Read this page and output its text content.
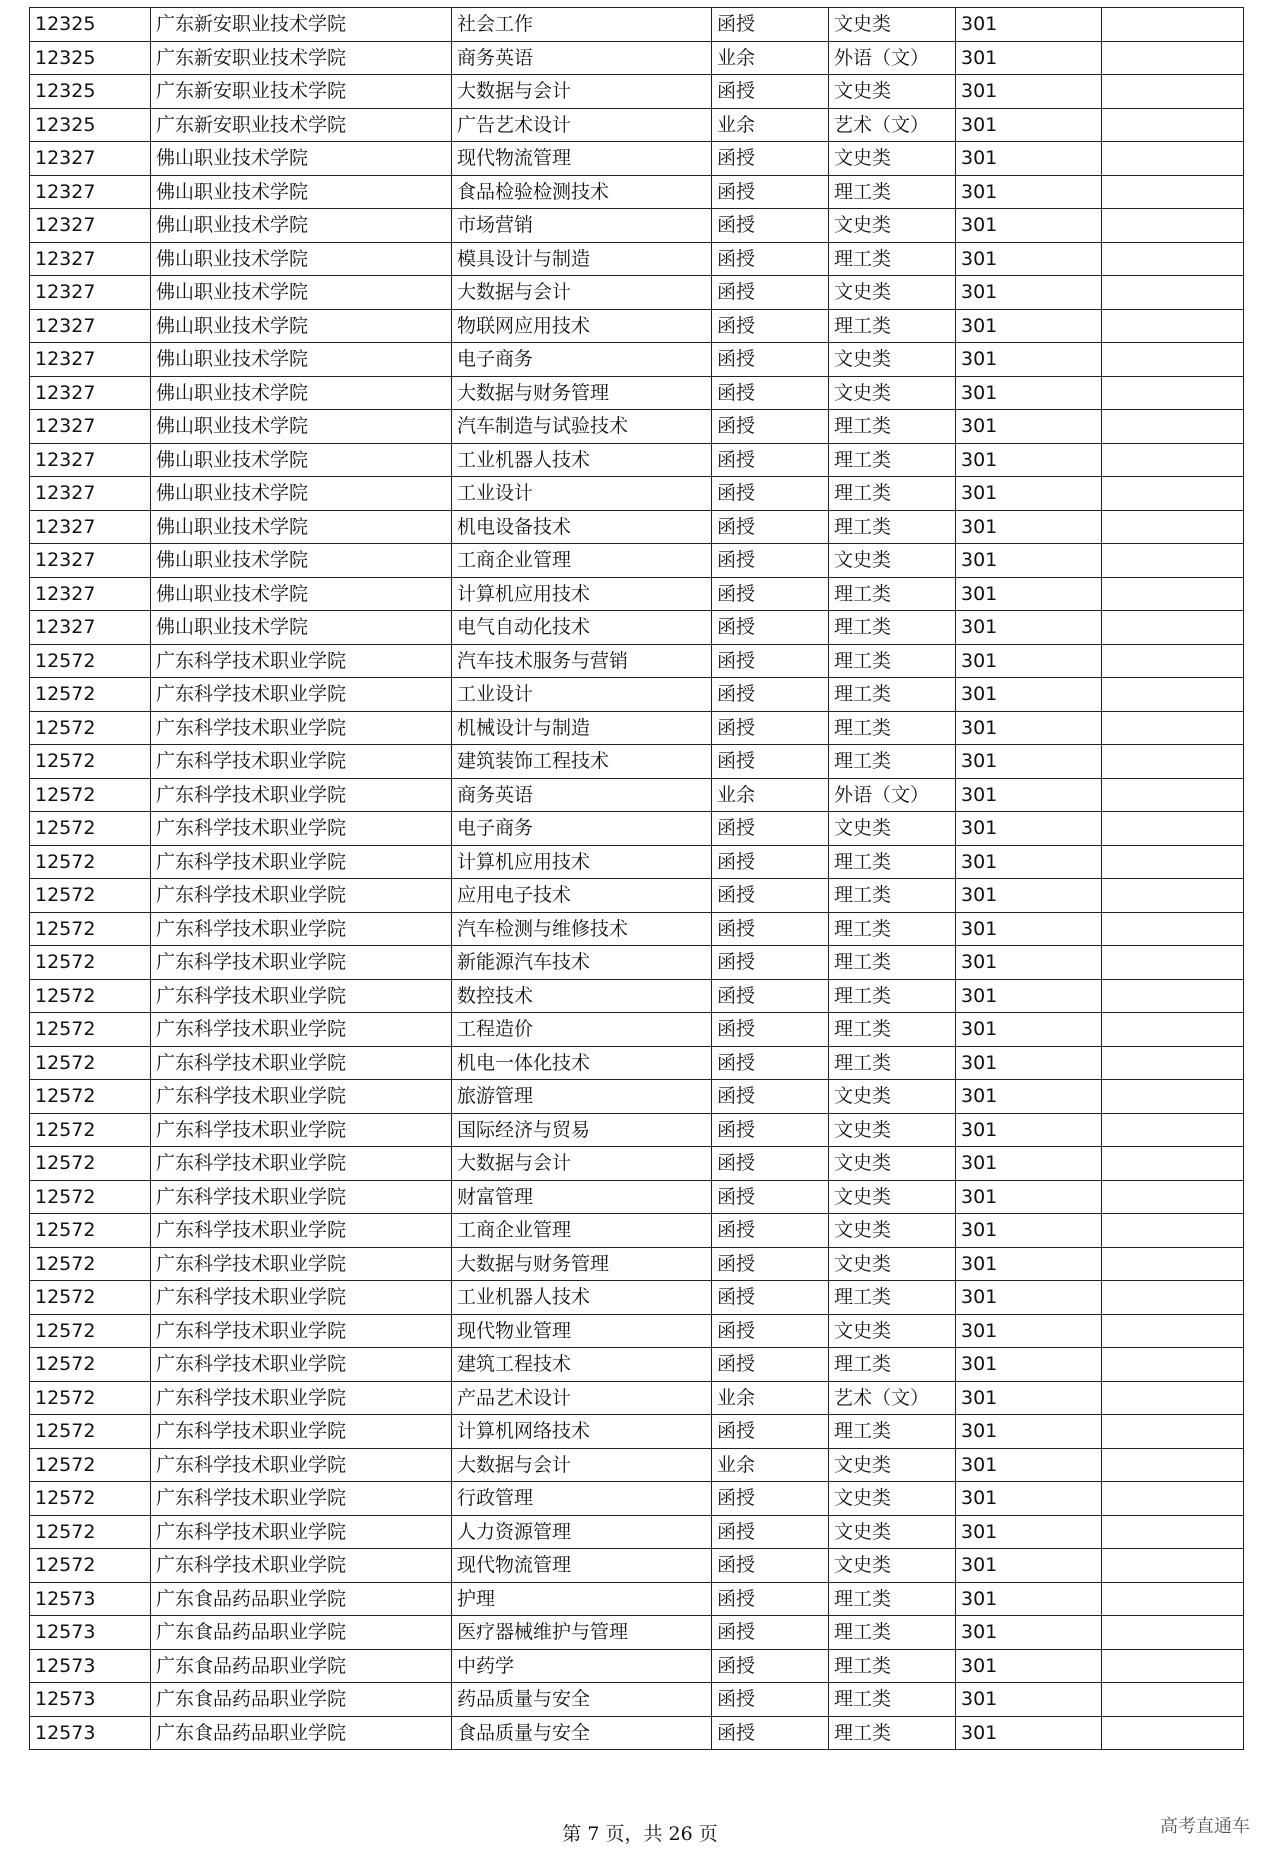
12325	广东新安职业技术学院	社会工作	函授	文史类	301	
12325	广东新安职业技术学院	商务英语	业余	外语（文）	301	
12325	广东新安职业技术学院	大数据与会计	函授	文史类	301	
12325	广东新安职业技术学院	广告艺术设计	业余	艺术（文）	301	
12327	佛山职业技术学院	现代物流管理	函授	文史类	301	
12327	佛山职业技术学院	食品检验检测技术	函授	理工类	301	
12327	佛山职业技术学院	市场营销	函授	文史类	301	
12327	佛山职业技术学院	模具设计与制造	函授	理工类	301	
12327	佛山职业技术学院	大数据与会计	函授	文史类	301	
12327	佛山职业技术学院	物联网应用技术	函授	理工类	301	
12327	佛山职业技术学院	电子商务	函授	文史类	301	
12327	佛山职业技术学院	大数据与财务管理	函授	文史类	301	
12327	佛山职业技术学院	汽车制造与试验技术	函授	理工类	301	
12327	佛山职业技术学院	工业机器人技术	函授	理工类	301	
12327	佛山职业技术学院	工业设计	函授	理工类	301	
12327	佛山职业技术学院	机电设备技术	函授	理工类	301	
12327	佛山职业技术学院	工商企业管理	函授	文史类	301	
12327	佛山职业技术学院	计算机应用技术	函授	理工类	301	
12327	佛山职业技术学院	电气自动化技术	函授	理工类	301	
12572	广东科学技术职业学院	汽车技术服务与营销	函授	理工类	301	
12572	广东科学技术职业学院	工业设计	函授	理工类	301	
12572	广东科学技术职业学院	机械设计与制造	函授	理工类	301	
12572	广东科学技术职业学院	建筑装饰工程技术	函授	理工类	301	
12572	广东科学技术职业学院	商务英语	业余	外语（文）	301	
12572	广东科学技术职业学院	电子商务	函授	文史类	301	
12572	广东科学技术职业学院	计算机应用技术	函授	理工类	301	
12572	广东科学技术职业学院	应用电子技术	函授	理工类	301	
12572	广东科学技术职业学院	汽车检测与维修技术	函授	理工类	301	
12572	广东科学技术职业学院	新能源汽车技术	函授	理工类	301	
12572	广东科学技术职业学院	数控技术	函授	理工类	301	
12572	广东科学技术职业学院	工程造价	函授	理工类	301	
12572	广东科学技术职业学院	机电一体化技术	函授	理工类	301	
12572	广东科学技术职业学院	旅游管理	函授	文史类	301	
12572	广东科学技术职业学院	国际经济与贸易	函授	文史类	301	
12572	广东科学技术职业学院	大数据与会计	函授	文史类	301	
12572	广东科学技术职业学院	财富管理	函授	文史类	301	
12572	广东科学技术职业学院	工商企业管理	函授	文史类	301	
12572	广东科学技术职业学院	大数据与财务管理	函授	文史类	301	
12572	广东科学技术职业学院	工业机器人技术	函授	理工类	301	
12572	广东科学技术职业学院	现代物业管理	函授	文史类	301	
12572	广东科学技术职业学院	建筑工程技术	函授	理工类	301	
12572	广东科学技术职业学院	产品艺术设计	业余	艺术（文）	301	
12572	广东科学技术职业学院	计算机网络技术	函授	理工类	301	
12572	广东科学技术职业学院	大数据与会计	业余	文史类	301	
12572	广东科学技术职业学院	行政管理	函授	文史类	301	
12572	广东科学技术职业学院	人力资源管理	函授	文史类	301	
12572	广东科学技术职业学院	现代物流管理	函授	文史类	301	
12573	广东食品药品职业学院	护理	函授	理工类	301	
12573	广东食品药品职业学院	医疗器械维护与管理	函授	理工类	301	
12573	广东食品药品职业学院	中药学	函授	理工类	301	
12573	广东食品药品职业学院	药品质量与安全	函授	理工类	301	
12573	广东食品药品职业学院	食品质量与安全	函授	理工类	301	
第 7 页，共 26 页	高考直通车
